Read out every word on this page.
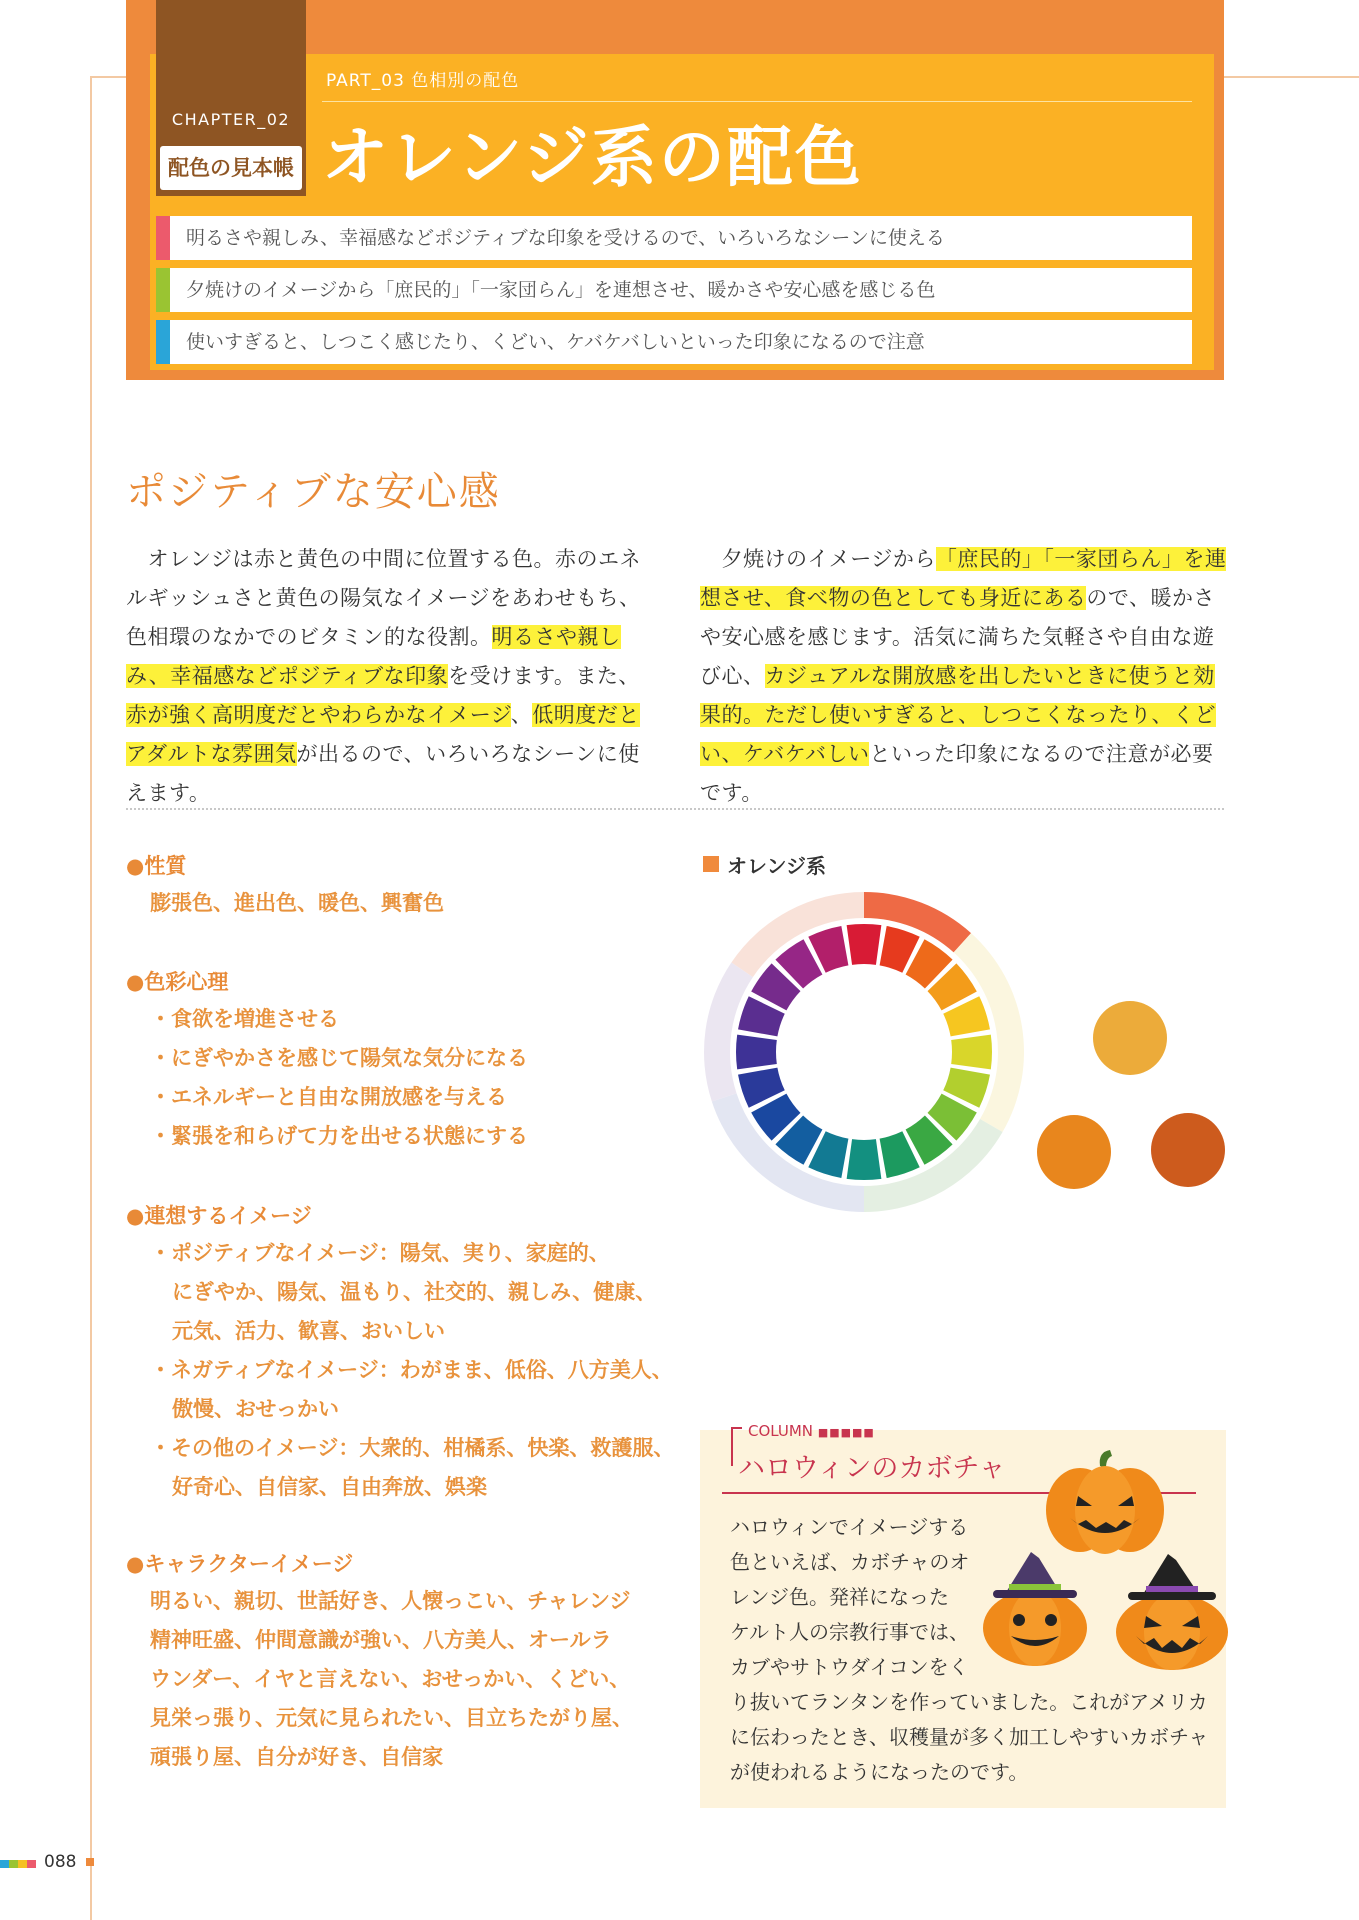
CHAPTER_02
配色の見本帳
PART_03 色相別の配色
オレンジ系の配色
明るさや親しみ、幸福感などポジティブな印象を受けるので、いろいろなシーンに使える
夕焼けのイメージから「庶民的」「一家団らん」を連想させ、暖かさや安心感を感じる色
使いすぎると、しつこく感じたり、くどい、ケバケバしいといった印象になるので注意
ポジティブな安心感
　オレンジは赤と黄色の中間に位置する色。赤のエネルギッシュさと黄色の陽気なイメージをあわせもち、色相環のなかでのビタミン的な役割。明るさや親しみ、幸福感などポジティブな印象を受けます。また、赤が強く高明度だとやわらかなイメージ、低明度だとアダルトな雰囲気が出るので、いろいろなシーンに使えます。
　夕焼けのイメージから「庶民的」「一家団らん」を連想させ、食べ物の色としても身近にあるので、暖かさや安心感を感じます。活気に満ちた気軽さや自由な遊び心、カジュアルな開放感を出したいときに使うと効果的。ただし使いすぎると、しつこくなったり、くどい、ケバケバしいといった印象になるので注意が必要です。
●性質
膨張色、進出色、暖色、興奮色
●色彩心理
・食欲を増進させる
・にぎやかさを感じて陽気な気分になる
・エネルギーと自由な開放感を与える
・緊張を和らげて力を出せる状態にする
●連想するイメージ
・ポジティブなイメージ：陽気、実り、家庭的、
にぎやか、陽気、温もり、社交的、親しみ、健康、
元気、活力、歓喜、おいしい
・ネガティブなイメージ：わがまま、低俗、八方美人、
傲慢、おせっかい
・その他のイメージ：大衆的、柑橘系、快楽、救護服、
好奇心、自信家、自由奔放、娯楽
●キャラクターイメージ
明るい、親切、世話好き、人懐っこい、チャレンジ
精神旺盛、仲間意識が強い、八方美人、オールラ
ウンダー、イヤと言えない、おせっかい、くどい、
見栄っ張り、元気に見られたい、目立ちたがり屋、
頑張り屋、自分が好き、自信家
オレンジ系
COLUMN ■■■■■
ハロウィンのカボチャ
ハロウィンでイメージする
色といえば、カボチャのオ
レンジ色。発祥になった
ケルト人の宗教行事では、
カブやサトウダイコンをく
り抜いてランタンを作っていました。これがアメリカ
に伝わったとき、収穫量が多く加工しやすいカボチャ
が使われるようになったのです。
088
